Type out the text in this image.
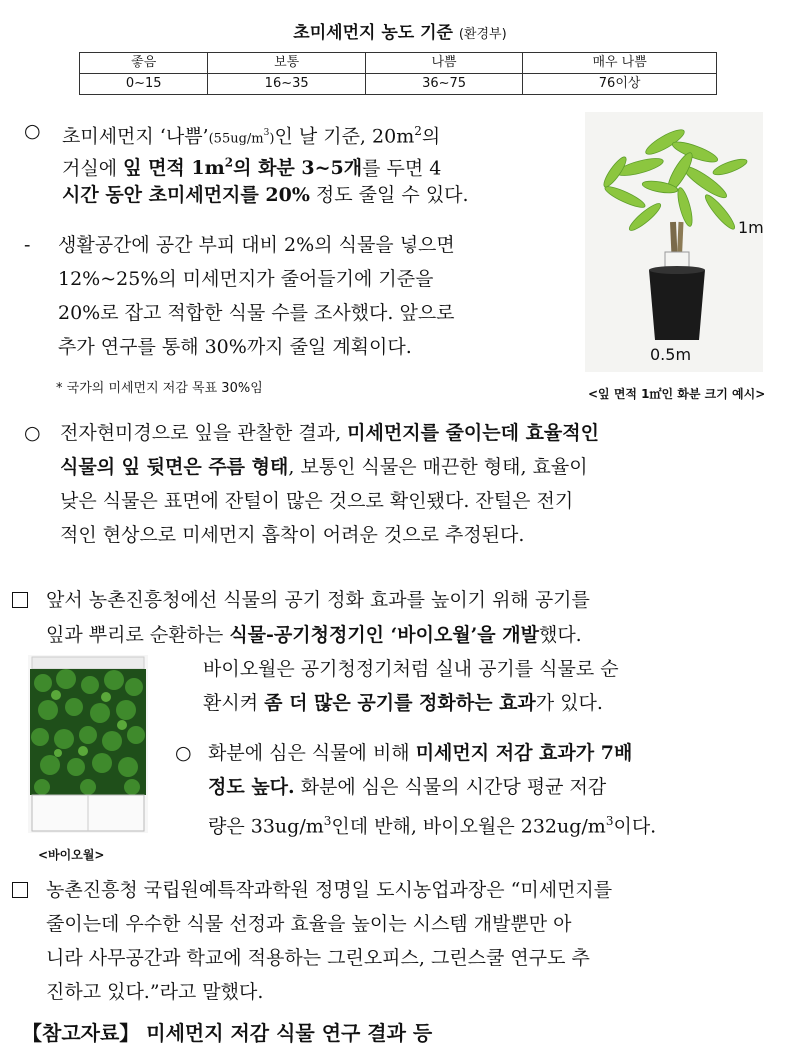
초미세먼지 농도 기준 (환경부)
좋음	보통	나쁨	매우 나쁨
0~15	16~35	36~75	76이상
○ 초미세먼지 ‘나쁨$’(55ug/m^3)$인 날 기준, $20m^2$의
거실에 잎 면적 $1m^2$의 화분 3~5개를 두면 4
시간 동안 초미세먼지를 20% 정도 줄일 수 있다.
- 생활공간에 공간 부피 대비 2%의 식물을 넣으면
12%~25%의 미세먼지가 줄어들기에 기준을
20%로 잡고 적합한 식물 수를 조사했다. 앞으로
추가 연구를 통해 30%까지 줄일 계획이다.
* 국가의 미세먼지 저감 목표 30%임
1m
0.5m
<잎 면적 1㎡인 화분 크기 예시>
○ 전자현미경으로 잎을 관찰한 결과, 미세먼지를 줄이는데 효율적인
식물의 잎 뒷면은 주름 형태, 보통인 식물은 매끈한 형태, 효율이
낮은 식물은 표면에 잔털이 많은 것으로 확인됐다. 잔털은 전기
적인 현상으로 미세먼지 흡착이 어려운 것으로 추정된다.
앞서 농촌진흥청에선 식물의 공기 정화 효과를 높이기 위해 공기를
잎과 뿌리로 순환하는 식물-공기청정기인 ‘바이오월’을 개발했다.
바이오월은 공기청정기처럼 실내 공기를 식물로 순
환시켜 좀 더 많은 공기를 정화하는 효과가 있다.
○ 화분에 심은 식물에 비해 미세먼지 저감 효과가 7배
정도 높다. 화분에 심은 식물의 시간당 평균 저감
량은 $33ug/m^3$인데 반해, 바이오월은 $232ug/m^3$이다.
<바이오월>
농촌진흥청 국립원예특작과학원 정명일 도시농업과장은 “미세먼지를
줄이는데 우수한 식물 선정과 효율을 높이는 시스템 개발뿐만 아
니라 사무공간과 학교에 적용하는 그린오피스, 그린스쿨 연구도 추
진하고 있다.”라고 말했다.
【참고자료】 미세먼지 저감 식물 연구 결과 등
